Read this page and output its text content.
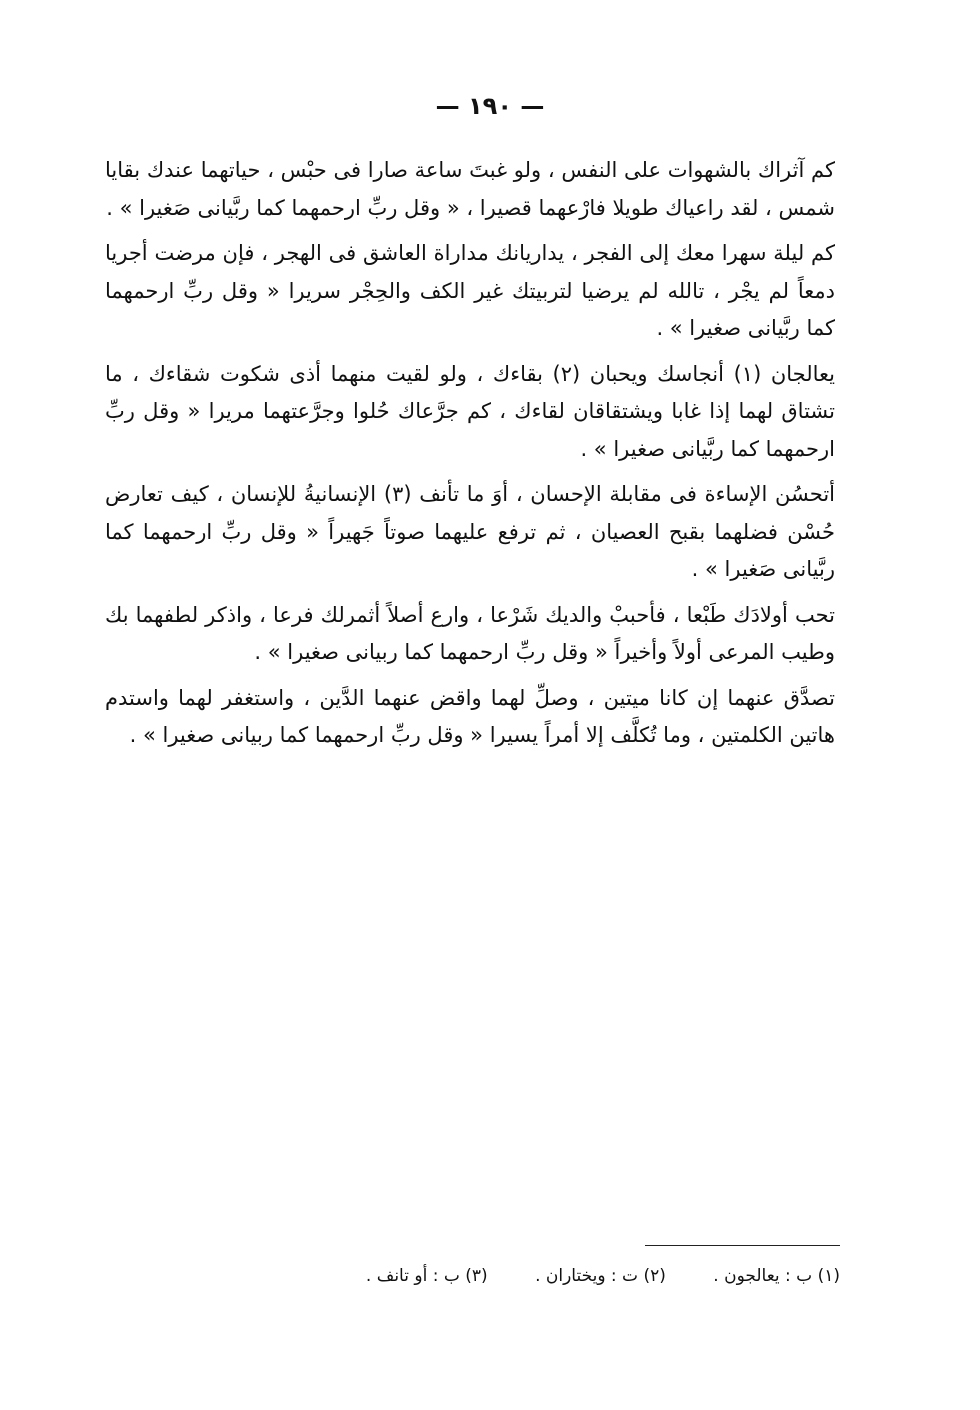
— ١٩٠ —

كم آثراك بالشهوات على النفس ، ولو غبتَ ساعة صارا فى حبْس ، حياتهما عندك بقايا شمس ، لقد راعياك طويلا فارْعهما قصيرا ، « وقل ربِّ ارحمهما كما ربَّيانى صَغيرا » .

كم ليلة سهرا معك إلى الفجر ، يداريانك مداراة العاشق فى الهجر ، فإن مرضت أجريا دمعاً لم يجْر ، تالله لم يرضيا لتربيتك غير الكف والحِجْر سريرا « وقل ربِّ ارحمهما كما ربَّيانى صغيرا » .

يعالجان (١) أنجاسك ويحبان (٢) بقاءك ، ولو لقيت منهما أذى شكوت شقاءك ، ما تشتاق لهما إذا غابا ويشتقاقان لقاءك ، كم جرَّعاك حُلوا وجرَّعتهما مريرا « وقل ربِّ ارحمهما كما ربَّيانى صغيرا » .

أتحسُن الإساءة فى مقابلة الإحسان ، أوَ ما تأنف (٣) الإنسانيةُ للإنسان ، كيف تعارض حُسْن فضلهما بقبح العصيان ، ثم ترفع عليهما صوتاً جَهيراً « وقل ربِّ ارحمهما كما ربَّيانى صَغيرا » .

تحب أولادَك طَبْعا ، فأحببْ والديك شَرْعا ، وارع أصلاً أثمرلك فرعا ، واذكر لطفهما بك وطيب المرعى أولاً وأخيراً « وقل ربِّ ارحمهما كما ربيانى صغيرا » .

تصدَّق عنهما إن كانا ميتين ، وصلِّ لهما واقض عنهما الدَّين ، واستغفر لهما واستدم هاتين الكلمتين ، وما تُكلَّف إلا أمراً يسيرا « وقل ربِّ ارحمهما كما ربيانى صغيرا » .

(١) ب : يعالجون . (٢) ت : ويختاران . (٣) ب : أو تانف .
